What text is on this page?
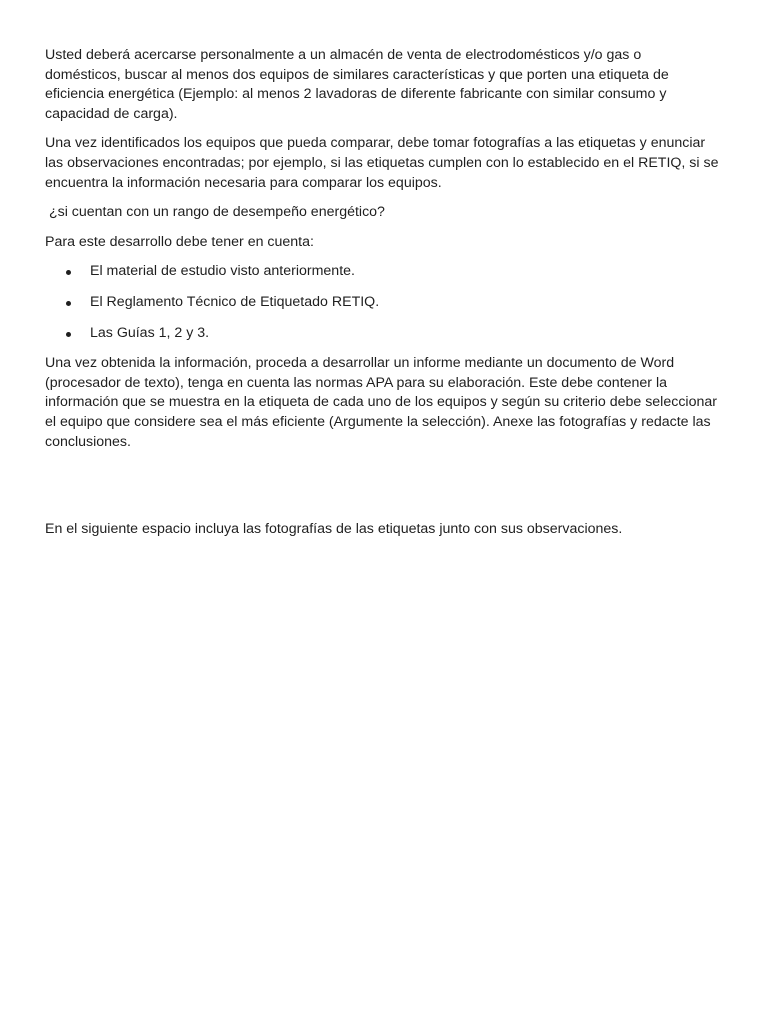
Usted deberá acercarse personalmente a un almacén de venta de electrodomésticos y/o gas o domésticos, buscar al menos dos equipos de similares características y que porten una etiqueta de eficiencia energética (Ejemplo: al menos 2 lavadoras de diferente fabricante con similar consumo y capacidad de carga).

Una vez identificados los equipos que pueda comparar, debe tomar fotografías a las etiquetas y enunciar las observaciones encontradas; por ejemplo, si las etiquetas cumplen con lo establecido en el RETIQ, si se encuentra la información necesaria para comparar los equipos.

¿si cuentan con un rango de desempeño energético?

Para este desarrollo debe tener en cuenta:

El material de estudio visto anteriormente.
El Reglamento Técnico de Etiquetado RETIQ.
Las Guías 1, 2 y 3.

Una vez obtenida la información, proceda a desarrollar un informe mediante un documento de Word (procesador de texto), tenga en cuenta las normas APA para su elaboración. Este debe contener la información que se muestra en la etiqueta de cada uno de los equipos y según su criterio debe seleccionar el equipo que considere sea el más eficiente (Argumente la selección). Anexe las fotografías y redacte las conclusiones.

En el siguiente espacio incluya las fotografías de las etiquetas junto con sus observaciones.
